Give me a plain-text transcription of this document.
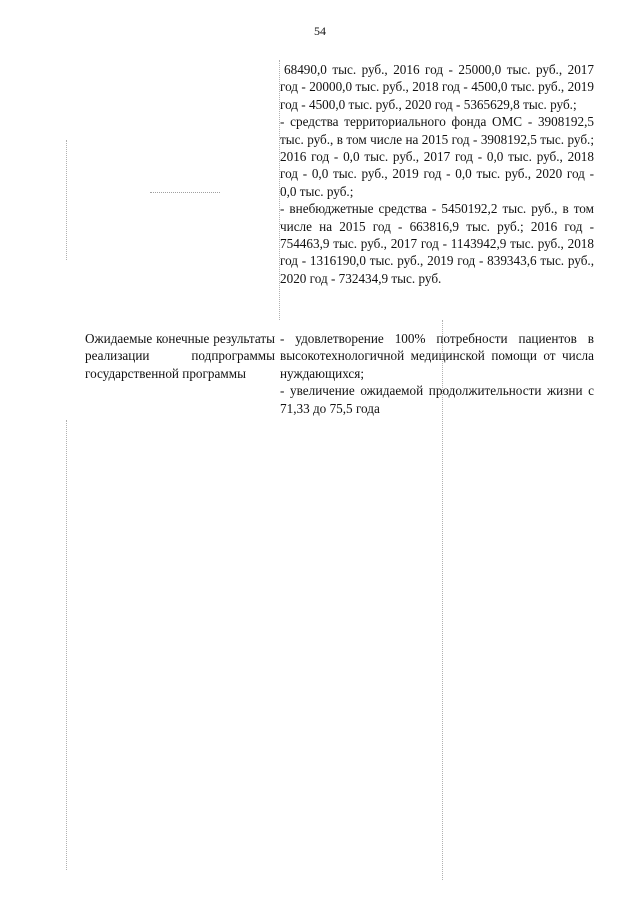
54

68490,0 тыс. руб., 2016 год - 25000,0 тыс. руб., 2017 год - 20000,0 тыс. руб., 2018 год - 4500,0 тыс. руб., 2019 год - 4500,0 тыс. руб., 2020 год - 5365629,8 тыс. руб.;

- средства территориального фонда ОМС - 3908192,5 тыс. руб., в том числе на 2015 год - 3908192,5 тыс. руб.; 2016 год - 0,0 тыс. руб., 2017 год - 0,0 тыс. руб., 2018 год - 0,0 тыс. руб., 2019 год - 0,0 тыс. руб., 2020 год - 0,0 тыс. руб.;

- внебюджетные средства - 5450192,2 тыс. руб., в том числе на 2015 год - 663816,9 тыс. руб.; 2016 год - 754463,9 тыс. руб., 2017 год - 1143942,9 тыс. руб., 2018 год - 1316190,0 тыс. руб., 2019 год - 839343,6 тыс. руб., 2020 год - 732434,9 тыс. руб.

Ожидаемые конечные результаты реализации подпрограммы государственной программы

- удовлетворение 100% потребности пациентов в высокотехнологичной медицинской помощи от числа нуждающихся;

- увеличение ожидаемой продолжительности жизни с 71,33 до 75,5 года
